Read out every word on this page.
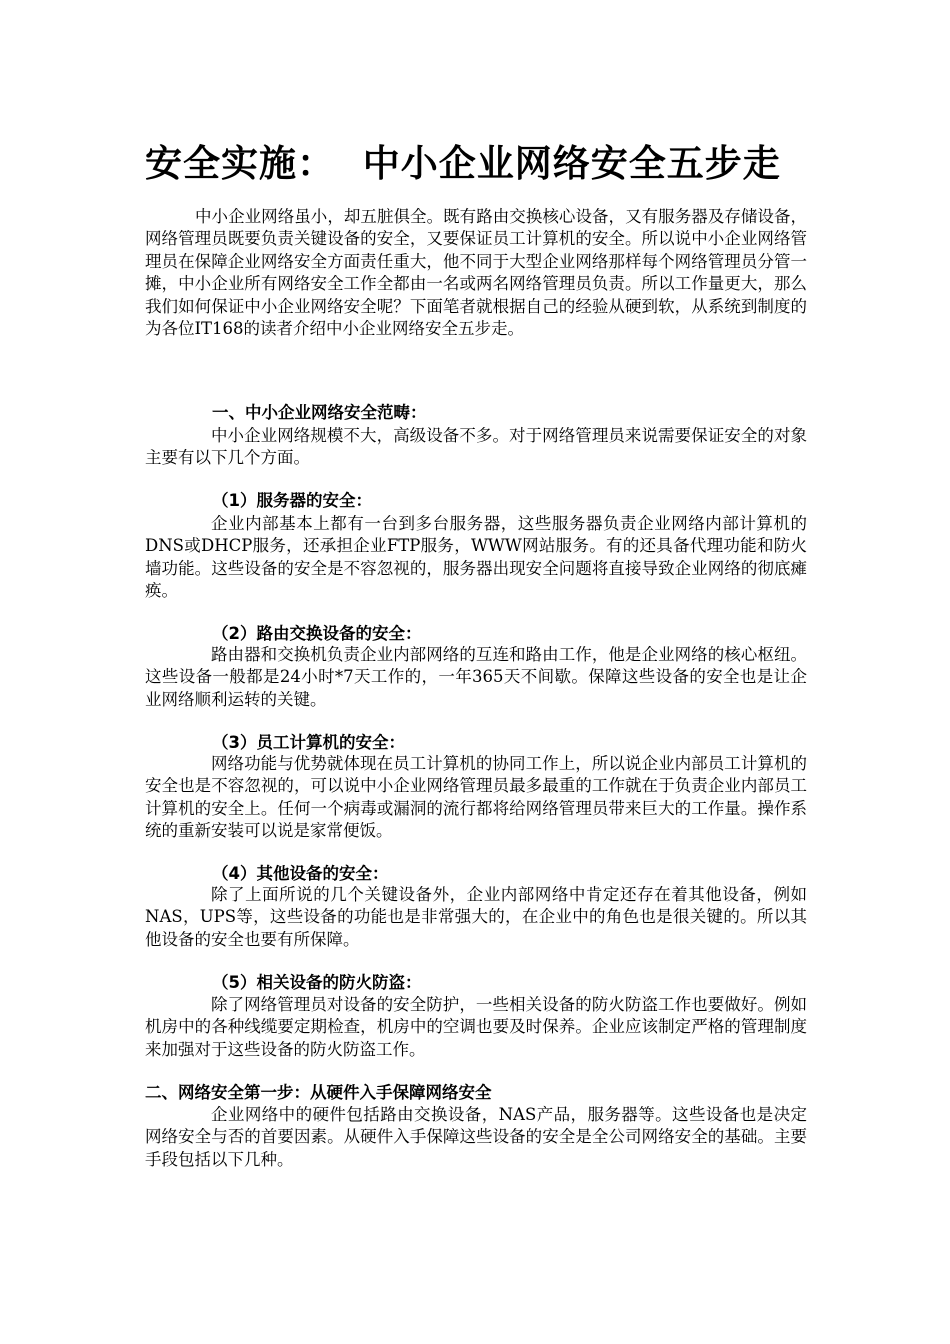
安全实施：  中小企业网络安全五步走

中小企业网络虽小，却五脏俱全。既有路由交换核心设备，又有服务器及存储设备，网络管理员既要负责关键设备的安全，又要保证员工计算机的安全。所以说中小企业网络管理员在保障企业网络安全方面责任重大，他不同于大型企业网络那样每个网络管理员分管一摊，中小企业所有网络安全工作全都由一名或两名网络管理员负责。所以工作量更大，那么我们如何保证中小企业网络安全呢？下面笔者就根据自己的经验从硬到软，从系统到制度的为各位IT168的读者介绍中小企业网络安全五步走。

一、中小企业网络安全范畴：

中小企业网络规模不大，高级设备不多。对于网络管理员来说需要保证安全的对象主要有以下几个方面。

（1）服务器的安全：

企业内部基本上都有一台到多台服务器，这些服务器负责企业网络内部计算机的DNS或DHCP服务，还承担企业FTP服务，WWW网站服务。有的还具备代理功能和防火墙功能。这些设备的安全是不容忽视的，服务器出现安全问题将直接导致企业网络的彻底瘫痪。

（2）路由交换设备的安全：

路由器和交换机负责企业内部网络的互连和路由工作，他是企业网络的核心枢纽。这些设备一般都是24小时*7天工作的，一年365天不间歇。保障这些设备的安全也是让企业网络顺利运转的关键。

（3）员工计算机的安全：

网络功能与优势就体现在员工计算机的协同工作上，所以说企业内部员工计算机的安全也是不容忽视的，可以说中小企业网络管理员最多最重的工作就在于负责企业内部员工计算机的安全上。任何一个病毒或漏洞的流行都将给网络管理员带来巨大的工作量。操作系统的重新安装可以说是家常便饭。

（4）其他设备的安全：

除了上面所说的几个关键设备外，企业内部网络中肯定还存在着其他设备，例如NAS，UPS等，这些设备的功能也是非常强大的，在企业中的角色也是很关键的。所以其他设备的安全也要有所保障。

（5）相关设备的防火防盗：

除了网络管理员对设备的安全防护，一些相关设备的防火防盗工作也要做好。例如机房中的各种线缆要定期检查，机房中的空调也要及时保养。企业应该制定严格的管理制度来加强对于这些设备的防火防盗工作。

二、网络安全第一步：从硬件入手保障网络安全

企业网络中的硬件包括路由交换设备，NAS产品，服务器等。这些设备也是决定网络安全与否的首要因素。从硬件入手保障这些设备的安全是全公司网络安全的基础。主要手段包括以下几种。
